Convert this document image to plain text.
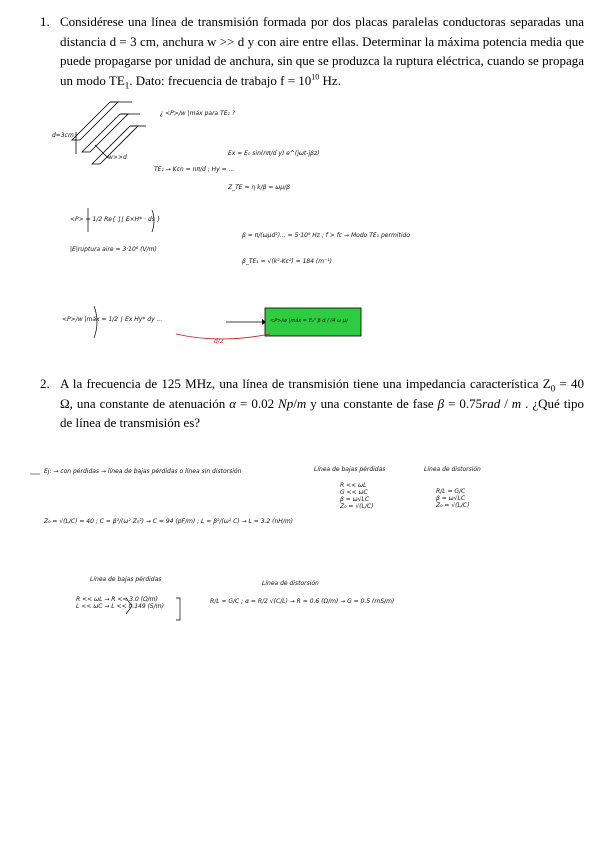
1. Considérese una línea de transmisión formada por dos placas paralelas conductoras separadas una distancia d = 3 cm, anchura w >> d y con aire entre ellas. Determinar la máxima potencia media que puede propagarse por unidad de anchura, sin que se produzca la ruptura eléctrica, cuando se propaga un modo $TE_1$. Dato: frecuencia de trabajo $f = 10^{10}$ Hz.
d=3cm
w>>d
¿ <P>/w |máx para TE₁ ?
Ex = E₀ sin(nπ/d y) e^(jωt-jβz)
TE₁ → Kcn = nπ/d ; Hy = ...
Z_TE = η k/β = ωμ/β
<P> = 1/2 Re{ ∫∫ E×H* · ds }
|E|ruptura aire = 3·10⁶ (V/m)
β = π/(ωμd²)... = 5·10⁹ Hz ; f > fc → Modo TE₁ permitido
β_TE₁ = √(k²-Kc²) = 184 (m⁻¹)
<P>/w |máx = 1/2 ∫ Ex Hy* dy ...
d/2
<P>/w |máx = E₀² β d / (4 ω μ)
2. A la frecuencia de 125 MHz, una línea de transmisión tiene una impedancia característica $Z_0 = 40$ Ω, una constante de atenuación α = 0.02 Np/m y una constante de fase β = 0.75rad / m . ¿Qué tipo de línea de transmisión es?
Ej: → con pérdidas → línea de bajas pérdidas o línea sin distorsión
Z₀ = √(L/C) = 40 ; C = β²/(ω² Z₀²) → C = 94 (pF/m) ; L = β²/(ω² C) → L = 3.2 (nH/m)
Línea de bajas pérdidas
R << ωL
G << ωC
β = ω√LC
Z₀ = √(L/C)
Línea de distorsión
R/L = G/C
β = ω√LC
Z₀ = √(L/C)
Línea de bajas pérdidas
R << ωL → R << 3.0 (Ω/m)
L << ωC → L << 0.149 (S/m)
Línea de distorsión
R/L = G/C ; α = R/2 √(C/L) → R = 0.6 (Ω/m) → G = 0.5 (mS/m)
